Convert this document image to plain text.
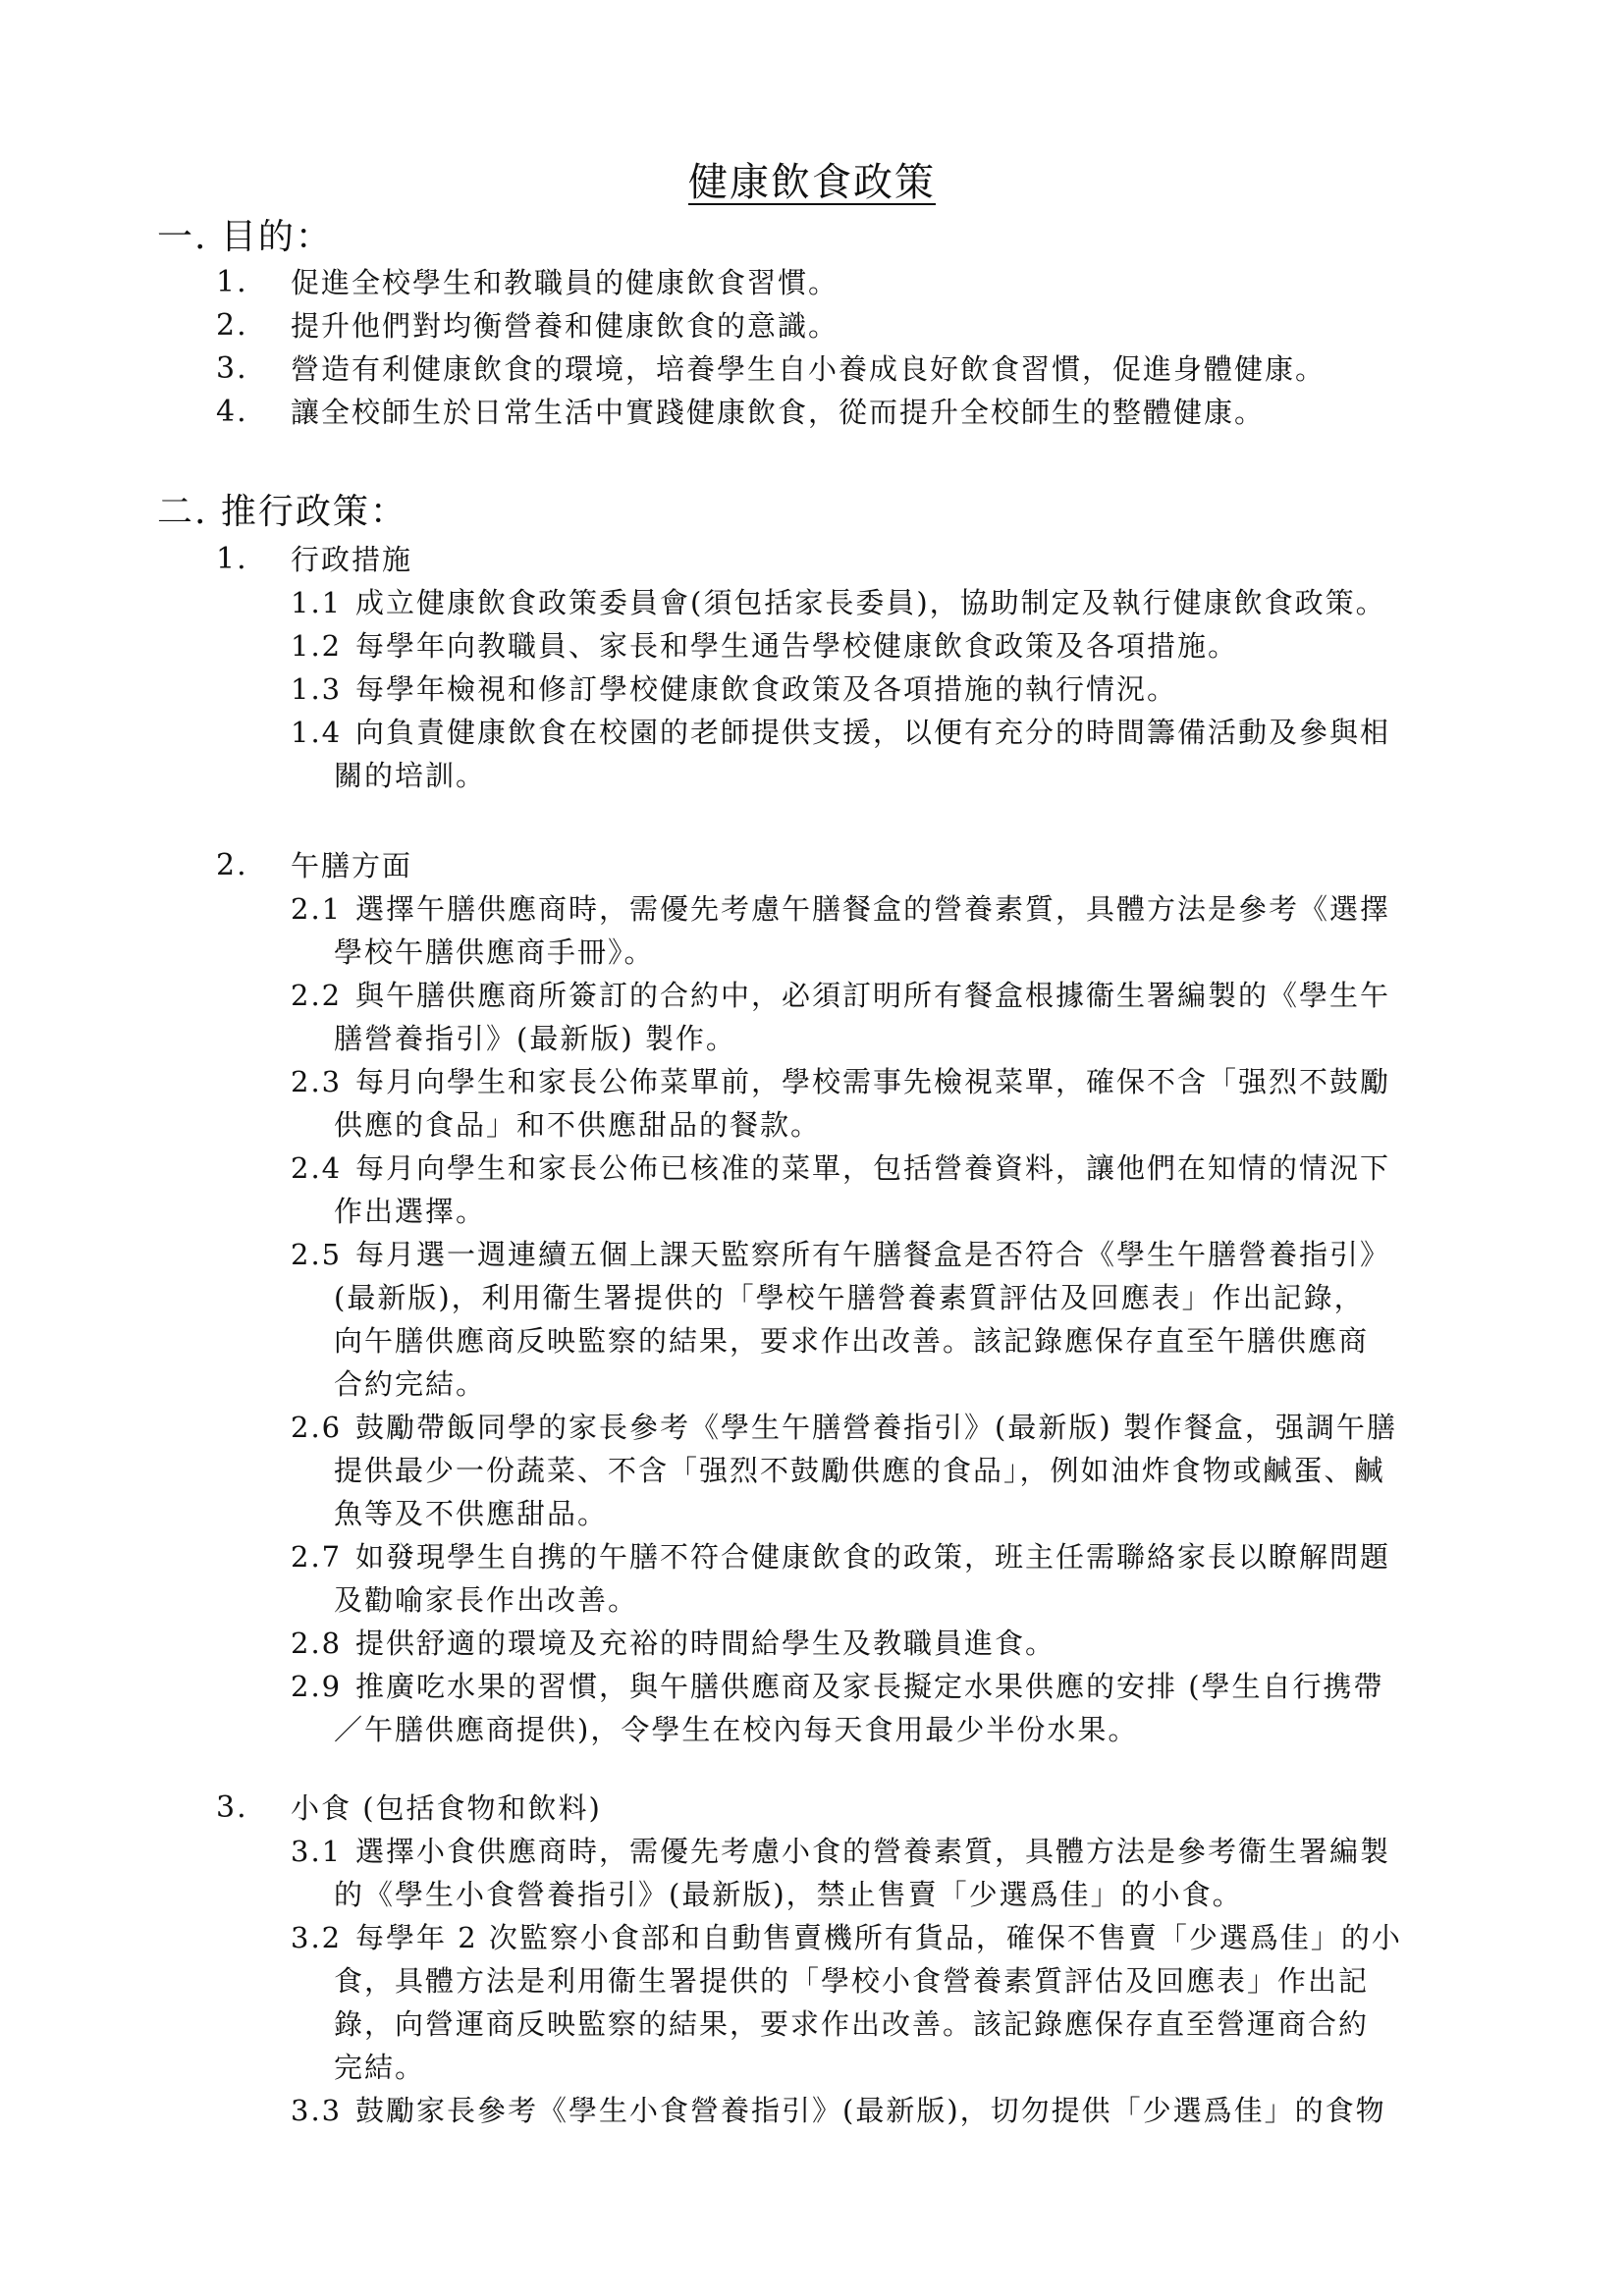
健康飲食政策
一. 目的：
1. 促進全校學生和教職員的健康飲食習慣。
2. 提升他們對均衡營養和健康飲食的意識。
3. 營造有利健康飲食的環境，培養學生自小養成良好飲食習慣，促進身體健康。
4. 讓全校師生於日常生活中實踐健康飲食，從而提升全校師生的整體健康。
二. 推行政策：
1. 行政措施
1.1 成立健康飲食政策委員會(須包括家長委員)，協助制定及執行健康飲食政策。
1.2 每學年向教職員、家長和學生通告學校健康飲食政策及各項措施。
1.3 每學年檢視和修訂學校健康飲食政策及各項措施的執行情況。
1.4 向負責健康飲食在校園的老師提供支援，以便有充分的時間籌備活動及參與相
關的培訓。
2. 午膳方面
2.1 選擇午膳供應商時，需優先考慮午膳餐盒的營養素質，具體方法是參考《選擇
學校午膳供應商手冊》。
2.2 與午膳供應商所簽訂的合約中，必須訂明所有餐盒根據衞生署編製的《學生午
膳營養指引》(最新版) 製作。
2.3 每月向學生和家長公佈菜單前，學校需事先檢視菜單，確保不含「强烈不鼓勵
供應的食品」和不供應甜品的餐款。
2.4 每月向學生和家長公佈已核准的菜單，包括營養資料，讓他們在知情的情況下
作出選擇。
2.5 每月選一週連續五個上課天監察所有午膳餐盒是否符合《學生午膳營養指引》
(最新版)，利用衞生署提供的「學校午膳營養素質評估及回應表」作出記錄，
向午膳供應商反映監察的結果，要求作出改善。該記錄應保存直至午膳供應商
合約完結。
2.6 鼓勵帶飯同學的家長參考《學生午膳營養指引》(最新版) 製作餐盒，强調午膳
提供最少一份蔬菜、不含「强烈不鼓勵供應的食品」，例如油炸食物或鹹蛋、鹹
魚等及不供應甜品。
2.7 如發現學生自携的午膳不符合健康飲食的政策，班主任需聯絡家長以瞭解問題
及勸喻家長作出改善。
2.8 提供舒適的環境及充裕的時間給學生及教職員進食。
2.9 推廣吃水果的習慣，與午膳供應商及家長擬定水果供應的安排 (學生自行携帶
／午膳供應商提供)，令學生在校內每天食用最少半份水果。
3. 小食 (包括食物和飲料)
3.1 選擇小食供應商時，需優先考慮小食的營養素質，具體方法是參考衞生署編製
的《學生小食營養指引》(最新版)，禁止售賣「少選爲佳」的小食。
3.2 每學年 2 次監察小食部和自動售賣機所有貨品，確保不售賣「少選爲佳」的小
食，具體方法是利用衞生署提供的「學校小食營養素質評估及回應表」作出記
錄，向營運商反映監察的結果，要求作出改善。該記錄應保存直至營運商合約
完結。
3.3 鼓勵家長參考《學生小食營養指引》(最新版)，切勿提供「少選爲佳」的食物
